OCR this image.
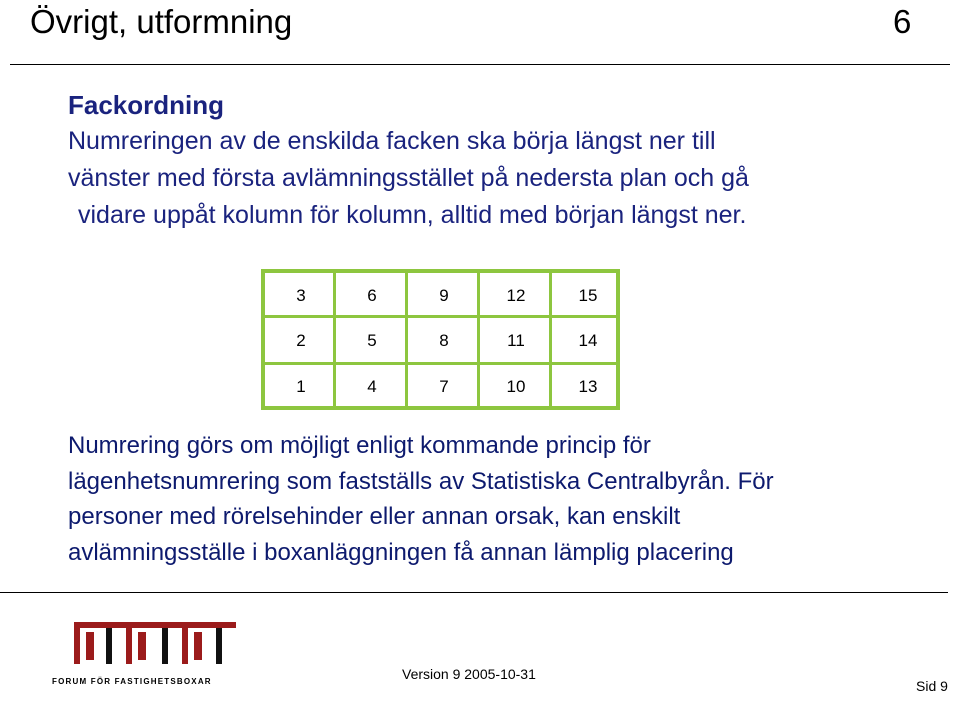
Övrigt, utformning	6
Fackordning
Numreringen av de enskilda facken ska börja längst ner till
vänster med första avlämningsstället på nedersta plan och gå
vidare uppåt kolumn för kolumn, alltid med början längst ner.
3	6	9	12	15
2	5	8	11	14
1	4	7	10	13
Numrering görs om möjligt enligt kommande princip för
lägenhetsnumrering som fastställs av Statistiska Centralbyrån. För
personer med rörelsehinder eller annan orsak, kan enskilt
avlämningsställe i boxanläggningen få annan lämplig placering
FORUM FÖR FASTIGHETSBOXAR	Version 9 2005-10-31
Sid 9
